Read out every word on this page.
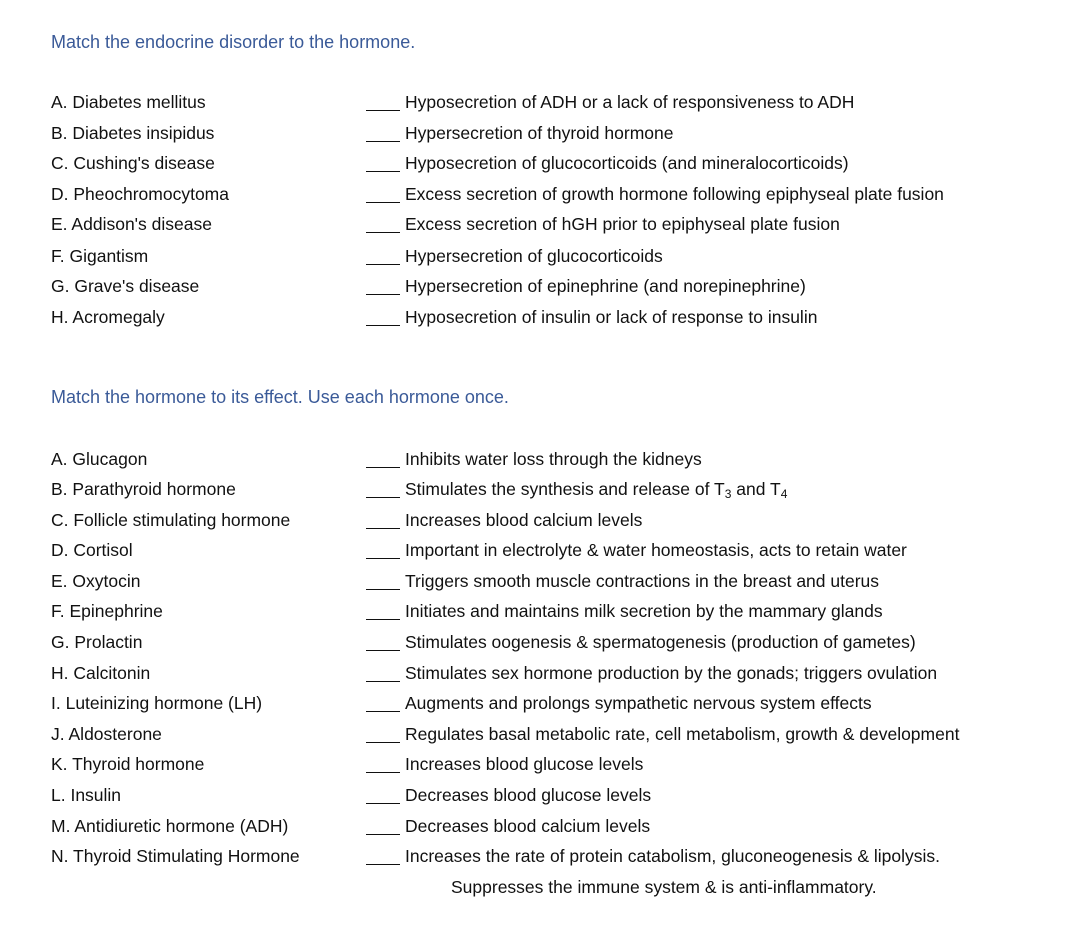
Match the endocrine disorder to the hormone.
A. Diabetes mellitus	Hyposecretion of ADH or a lack of responsiveness to ADH
B. Diabetes insipidus	Hypersecretion of thyroid hormone
C. Cushing's disease	Hyposecretion of glucocorticoids (and mineralocorticoids)
D. Pheochromocytoma	Excess secretion of growth hormone following epiphyseal plate fusion
E. Addison's disease	Excess secretion of hGH prior to epiphyseal plate fusion
F. Gigantism	Hypersecretion of glucocorticoids
G. Grave's disease	Hypersecretion of epinephrine (and norepinephrine)
H. Acromegaly	Hyposecretion of insulin or lack of response to insulin
Match the hormone to its effect. Use each hormone once.
A. Glucagon	Inhibits water loss through the kidneys
B. Parathyroid hormone	Stimulates the synthesis and release of $T_3$ and $T_4$
C. Follicle stimulating hormone	Increases blood calcium levels
D. Cortisol	Important in electrolyte & water homeostasis, acts to retain water
E. Oxytocin	Triggers smooth muscle contractions in the breast and uterus
F. Epinephrine	Initiates and maintains milk secretion by the mammary glands
G. Prolactin	Stimulates oogenesis & spermatogenesis (production of gametes)
H. Calcitonin	Stimulates sex hormone production by the gonads; triggers ovulation
I. Luteinizing hormone (LH)	Augments and prolongs sympathetic nervous system effects
J. Aldosterone	Regulates basal metabolic rate, cell metabolism, growth & development
K. Thyroid hormone	Increases blood glucose levels
L. Insulin	Decreases blood glucose levels
M. Antidiuretic hormone (ADH)	Decreases blood calcium levels
N. Thyroid Stimulating Hormone	Increases the rate of protein catabolism, gluconeogenesis & lipolysis.
Suppresses the immune system & is anti-inflammatory.
